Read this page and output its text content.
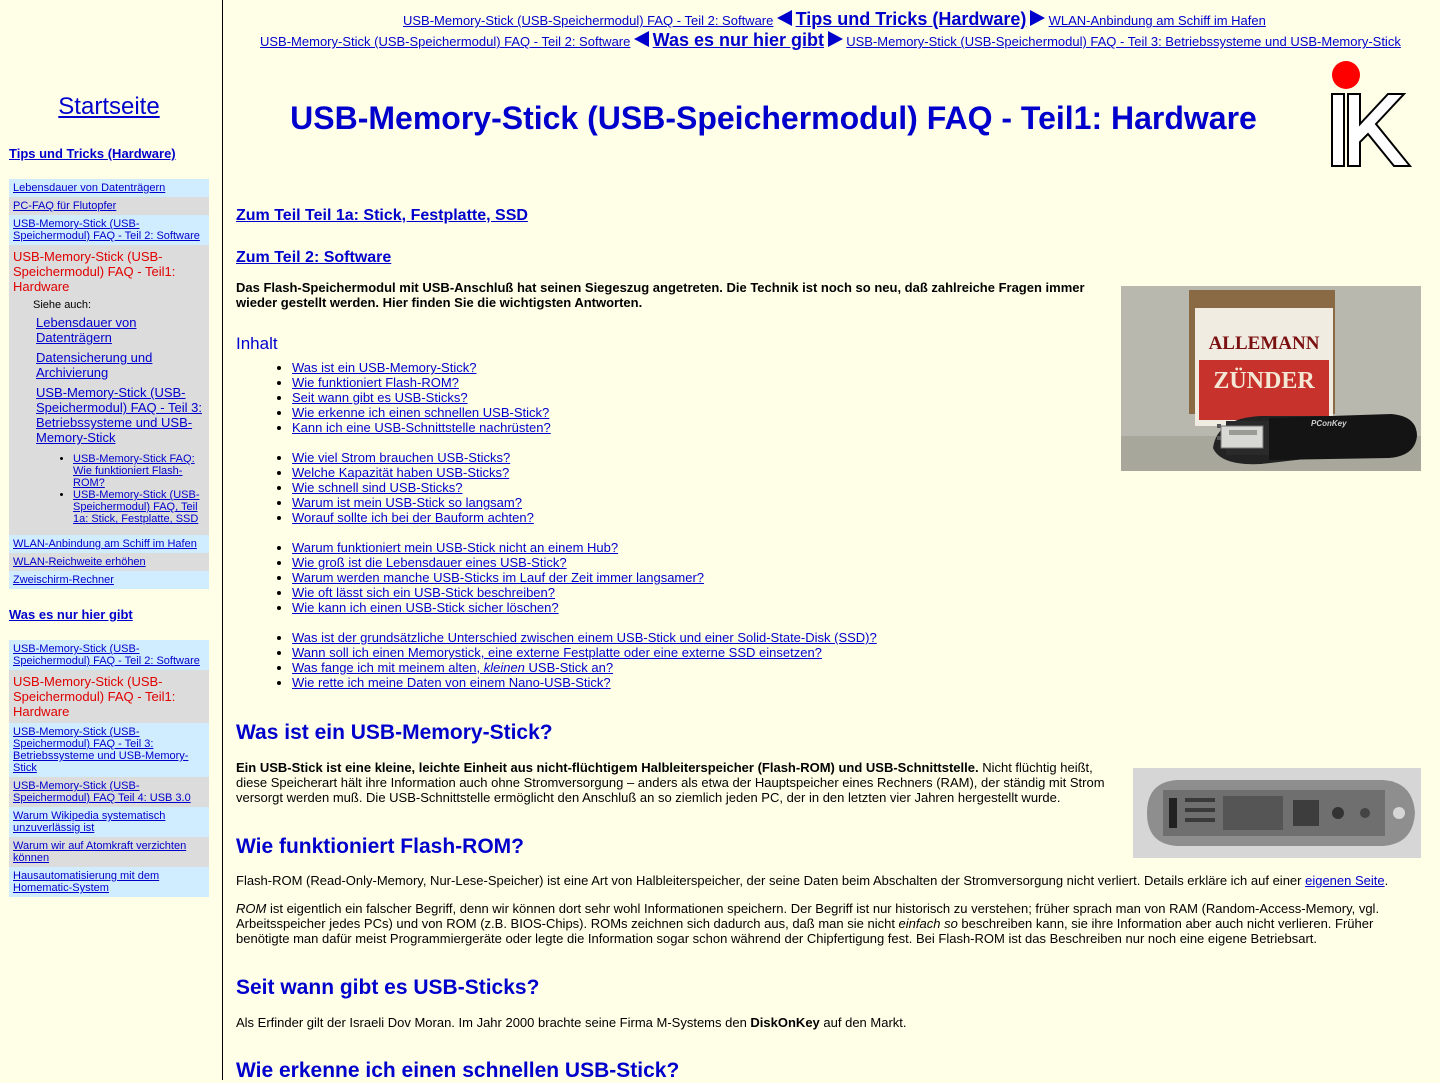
Startseite
Tips und Tricks (Hardware)
Lebensdauer von Datenträgern
PC-FAQ für Flutopfer
USB-Memory-Stick (USB-Speichermodul) FAQ - Teil 2: Software
USB-Memory-Stick (USB-Speichermodul) FAQ - Teil1: Hardware
Siehe auch:
Lebensdauer von Datenträgern
Datensicherung und Archivierung
USB-Memory-Stick (USB-Speichermodul) FAQ - Teil 3: Betriebssysteme und USB-Memory-Stick
• USB-Memory-Stick FAQ: Wie funktioniert Flash-ROM?
• USB-Memory-Stick (USB-Speichermodul) FAQ, Teil 1a: Stick, Festplatte, SSD
WLAN-Anbindung am Schiff im Hafen
WLAN-Reichweite erhöhen
Zweischirm-Rechner
Was es nur hier gibt
USB-Memory-Stick (USB-Speichermodul) FAQ - Teil 2: Software
USB-Memory-Stick (USB-Speichermodul) FAQ - Teil1: Hardware
USB-Memory-Stick (USB-Speichermodul) FAQ - Teil 3: Betriebssysteme und USB-Memory-Stick
USB-Memory-Stick (USB-Speichermodul) FAQ Teil 4: USB 3.0
Warum Wikipedia systematisch unzuverlässig ist
Warum wir auf Atomkraft verzichten können
Hausautomatisierung mit dem Homematic-System
USB-Memory-Stick (USB-Speichermodul) FAQ - Teil 2: Software Tips und Tricks (Hardware) WLAN-Anbindung am Schiff im Hafen
USB-Memory-Stick (USB-Speichermodul) FAQ - Teil 2: Software Was es nur hier gibt USB-Memory-Stick (USB-Speichermodul) FAQ - Teil 3: Betriebssysteme und USB-Memory-Stick
USB-Memory-Stick (USB-Speichermodul) FAQ - Teil1: Hardware
Zum Teil Teil 1a: Stick, Festplatte, SSD
Zum Teil 2: Software
Das Flash-Speichermodul mit USB-Anschluß hat seinen Siegeszug angetreten. Die Technik ist noch so neu, daß zahlreiche Fragen immer wieder gestellt werden. Hier finden Sie die wichtigsten Antworten.
ALLEMANN
ZÜNDER
PConKey
Inhalt
• Was ist ein USB-Memory-Stick?
• Wie funktioniert Flash-ROM?
• Seit wann gibt es USB-Sticks?
• Wie erkenne ich einen schnellen USB-Stick?
• Kann ich eine USB-Schnittstelle nachrüsten?
• Wie viel Strom brauchen USB-Sticks?
• Welche Kapazität haben USB-Sticks?
• Wie schnell sind USB-Sticks?
• Warum ist mein USB-Stick so langsam?
• Worauf sollte ich bei der Bauform achten?
• Warum funktioniert mein USB-Stick nicht an einem Hub?
• Wie groß ist die Lebensdauer eines USB-Stick?
• Warum werden manche USB-Sticks im Lauf der Zeit immer langsamer?
• Wie oft lässt sich ein USB-Stick beschreiben?
• Wie kann ich einen USB-Stick sicher löschen?
• Was ist der grundsätzliche Unterschied zwischen einem USB-Stick und einer Solid-State-Disk (SSD)?
• Wann soll ich einen Memorystick, eine externe Festplatte oder eine externe SSD einsetzen?
• Was fange ich mit meinem alten, kleinen USB-Stick an?
• Wie rette ich meine Daten von einem Nano-USB-Stick?
Was ist ein USB-Memory-Stick?

Ein USB-Stick ist eine kleine, leichte Einheit aus nicht-flüchtigem Halbleiterspeicher (Flash-ROM) und USB-Schnittstelle. Nicht flüchtig heißt, diese Speicherart hält ihre Information auch ohne Stromversorgung – anders als etwa der Hauptspeicher eines Rechners (RAM), der ständig mit Strom versorgt werden muß. Die USB-Schnittstelle ermöglicht den Anschluß an so ziemlich jeden PC, der in den letzten vier Jahren hergestellt wurde.

Wie funktioniert Flash-ROM?

Flash-ROM (Read-Only-Memory, Nur-Lese-Speicher) ist eine Art von Halbleiterspeicher, der seine Daten beim Abschalten der Stromversorgung nicht verliert. Details erkläre ich auf einer eigenen Seite.

ROM ist eigentlich ein falscher Begriff, denn wir können dort sehr wohl Informationen speichern. Der Begriff ist nur historisch zu verstehen; früher sprach man von RAM (Random-Access-Memory, vgl. Arbeitsspeicher jedes PCs) und von ROM (z.B. BIOS-Chips). ROMs zeichnen sich dadurch aus, daß man sie nicht einfach so beschreiben kann, sie ihre Information aber auch nicht verlieren. Früher benötigte man dafür meist Programmiergeräte oder legte die Information sogar schon während der Chipfertigung fest. Bei Flash-ROM ist das Beschreiben nur noch eine eigene Betriebsart.

Seit wann gibt es USB-Sticks?

Als Erfinder gilt der Israeli Dov Moran. Im Jahr 2000 brachte seine Firma M-Systems den DiskOnKey auf den Markt.

Wie erkenne ich einen schnellen USB-Stick?
